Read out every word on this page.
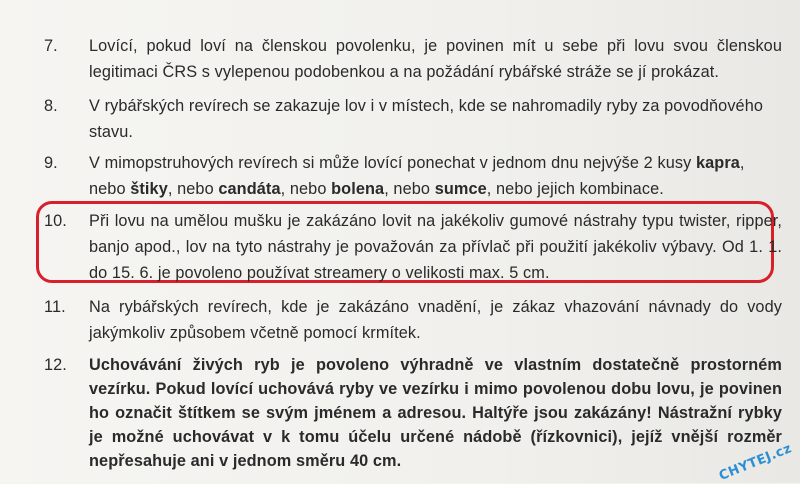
7.	Lovící, pokud loví na členskou povolenku, je povinen mít u sebe při lovu svou členskou legitimaci ČRS s vylepenou podobenkou a na požádání rybářské stráže se jí prokázat.
8.	V rybářských revírech se zakazuje lov i v místech, kde se nahromadily ryby za povodňového stavu.
9.	V mimopstruhových revírech si může lovící ponechat v jednom dnu nejvýše 2 kusy kapra, nebo štiky, nebo candáta, nebo bolena, nebo sumce, nebo jejich kombinace.
10.	Při lovu na umělou mušku je zakázáno lovit na jakékoliv gumové nástrahy typu twister, ripper, banjo apod., lov na tyto nástrahy je považován za přívlač při použití jakékoliv výbavy. Od 1. 1. do 15. 6. je povoleno používat streamery o velikosti max. 5 cm.
11.	Na rybářských revírech, kde je zakázáno vnadění, je zákaz vhazování návnady do vody jakýmkoliv způsobem včetně pomocí krmítek.
12.	Uchovávání živých ryb je povoleno výhradně ve vlastním dostatečně prostorném vezírku. Pokud lovící uchovává ryby ve vezírku i mimo povolenou dobu lovu, je povinen ho označit štítkem se svým jménem a adresou. Haltýře jsou zakázány! Nástražní rybky je možné uchovávat v k tomu účelu určené nádobě (řízkovnici), jejíž vnější rozměr nepřesahuje ani v jednom směru 40 cm.	CHYTEJ.cz
